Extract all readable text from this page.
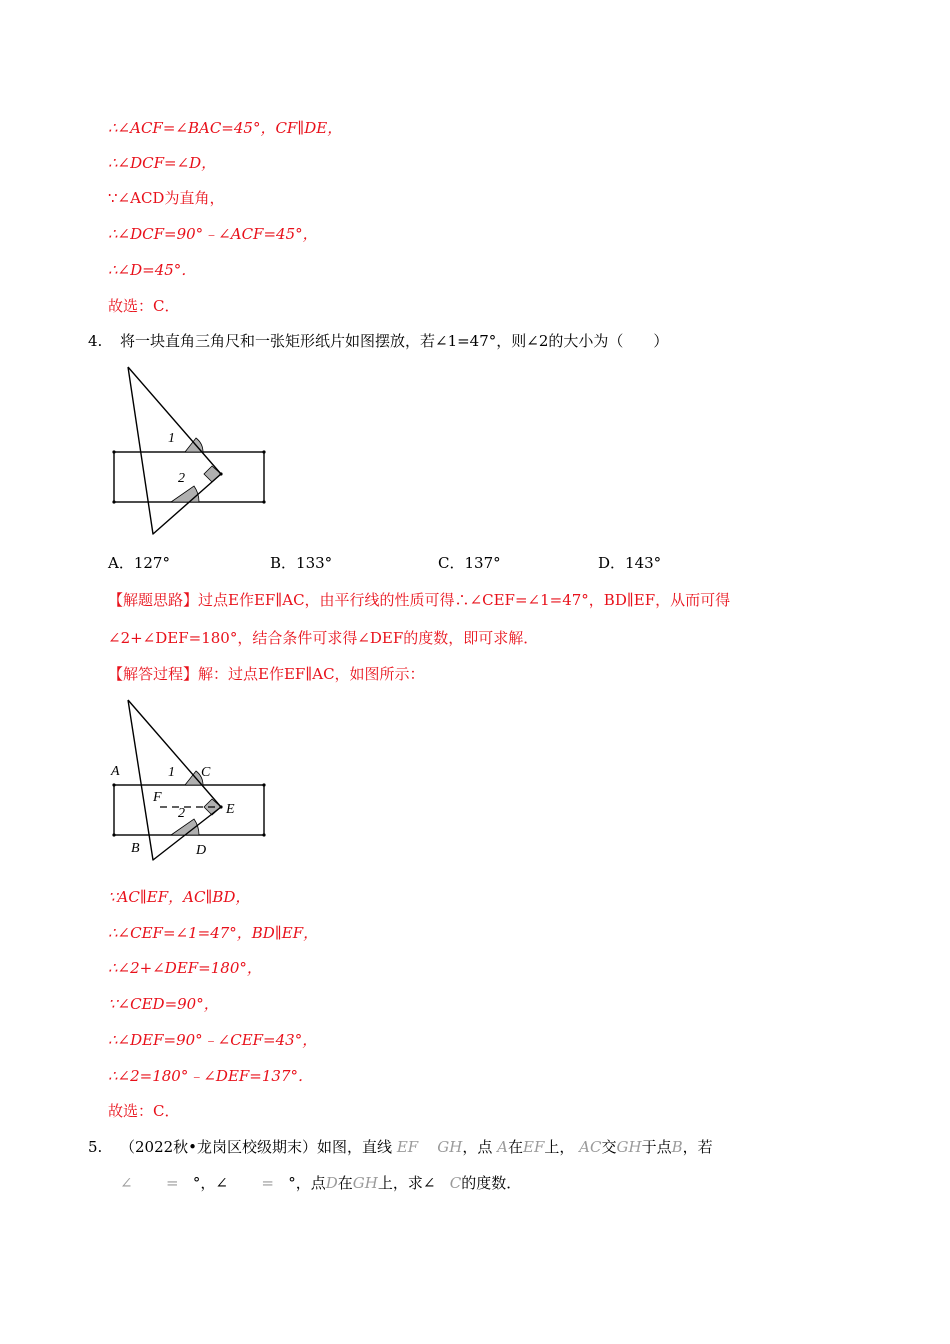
∴∠ACF=∠BAC=45°，CF∥DE，
∴∠DCF=∠D，
∵∠ACD为直角，
∴∠DCF=90°﹣∠ACF=45°，
∴∠D=45°．
故选：C．
4. 将一块直角三角尺和一张矩形纸片如图摆放，若∠1=47°，则∠2的大小为（　　）
1
2
A．127°	B．133°	C．137°	D．143°
【解题思路】过点E作EF∥AC，由平行线的性质可得∴∠CEF=∠1=47°，BD∥EF，从而可得
∠2+∠DEF=180°，结合条件可求得∠DEF的度数，即可求解．
【解答过程】解：过点E作EF∥AC，如图所示：
A	1 C
F
2	E
B	D
∵AC∥EF，AC∥BD，
∴∠CEF=∠1=47°，BD∥EF，
∴∠2+∠DEF=180°，
∵∠CED=90°，
∴∠DEF=90°﹣∠CEF=43°，
∴∠2=180°﹣∠DEF=137°．
故选：C．
5. （2022秋•龙岗区校级期末）如图，直线 EF GH，点 A在EF上， AC交GH于点B，若
∠ = °，∠ = °，点D在GH上，求∠ C的度数．
